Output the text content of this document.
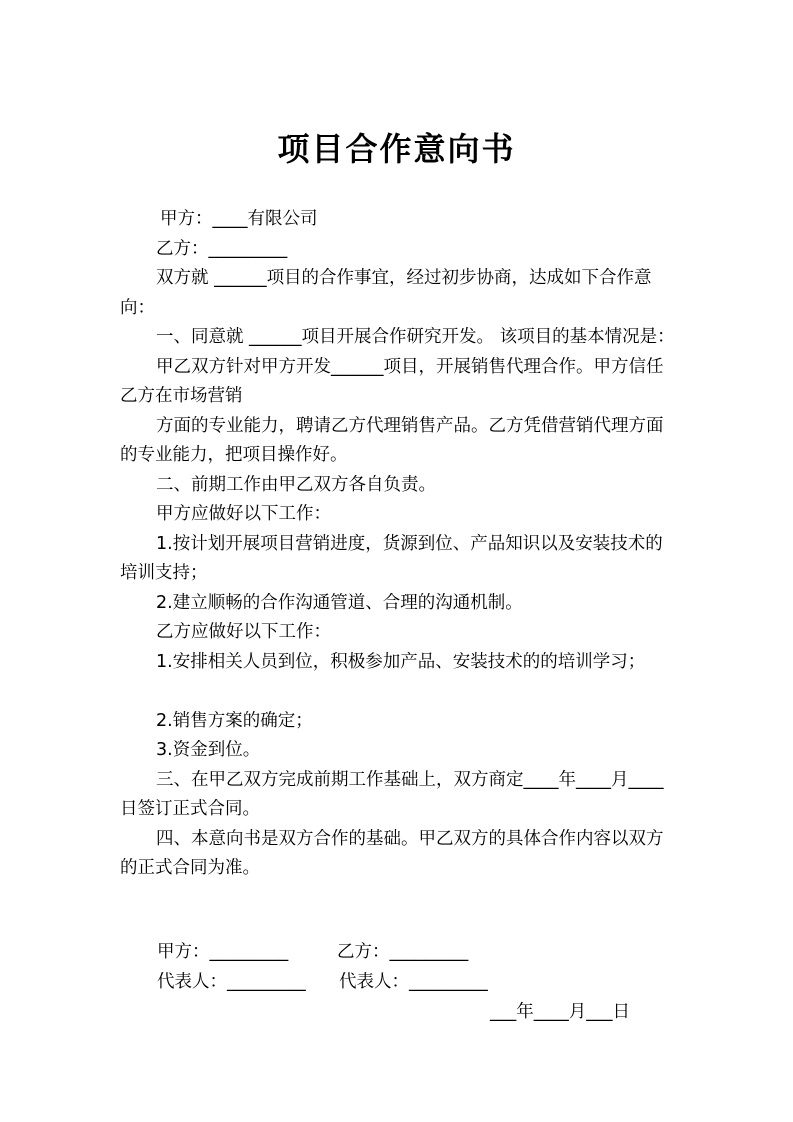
项目合作意向书

甲方：____有限公司

乙方：_________

双方就 ______项目的合作事宜，经过初步协商，达成如下合作意向：

一、同意就 ______项目开展合作研究开发。 该项目的基本情况是：

甲乙双方针对甲方开发______项目，开展销售代理合作。甲方信任乙方在市场营销

方面的专业能力，聘请乙方代理销售产品。乙方凭借营销代理方面的专业能力，把项目操作好。

二、前期工作由甲乙双方各自负责。

甲方应做好以下工作：

1.按计划开展项目营销进度，货源到位、产品知识以及安装技术的培训支持；

2.建立顺畅的合作沟通管道、合理的沟通机制。

乙方应做好以下工作：

1.安排相关人员到位，积极参加产品、安装技术的的培训学习；

2.销售方案的确定；

3.资金到位。

三、在甲乙双方完成前期工作基础上，双方商定____年____月____日签订正式合同。

四、本意向书是双方合作的基础。甲乙双方的具体合作内容以双方的正式合同为准。

甲方：_________	乙方：_________
代表人：_________	代表人：_________
___年____月___日
